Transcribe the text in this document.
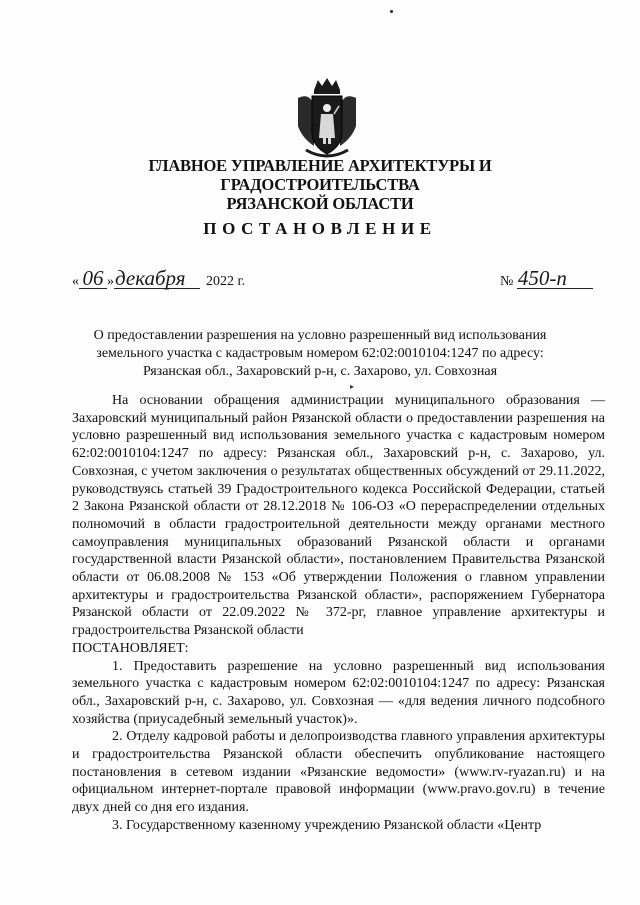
ГЛАВНОЕ УПРАВЛЕНИЕ АРХИТЕКТУРЫ И ГРАДОСТРОИТЕЛЬСТВА
РЯЗАНСКОЙ ОБЛАСТИ
ПОСТАНОВЛЕНИЕ
« 06 »декабря 2022 г.	№ 450-п
О предоставлении разрешения на условно разрешенный вид использования
земельного участка с кадастровым номером 62:02:0010104:1247 по адресу:
Рязанская обл., Захаровский р-н, с. Захарово, ул. Совхозная
▸

На основании обращения администрации муниципального образования — Захаровский муниципальный район Рязанской области о предоставлении разрешения на условно разрешенный вид использования земельного участка с кадастровым номером 62:02:0010104:1247 по адресу: Рязанская обл., Захаровский р-н, с. Захарово, ул. Совхозная, с учетом заключения о результатах общественных обсуждений от 29.11.2022, руководствуясь статьей 39 Градостроительного кодекса Российской Федерации, статьей 2 Закона Рязанской области от 28.12.2018 № 106-ОЗ «О перераспределении отдельных полномочий в области градостроительной деятельности между органами местного самоуправления муниципальных образований Рязанской области и органами государственной власти Рязанской области», постановлением Правительства Рязанской области от 06.08.2008 № 153 «Об утверждении Положения о главном управлении архитектуры и градостроительства Рязанской области», распоряжением Губернатора Рязанской области от 22.09.2022 № 372-рг, главное управление архитектуры и градостроительства Рязанской области

ПОСТАНОВЛЯЕТ:

1. Предоставить разрешение на условно разрешенный вид использования земельного участка с кадастровым номером 62:02:0010104:1247 по адресу: Рязанская обл., Захаровский р-н, с. Захарово, ул. Совхозная — «для ведения личного подсобного хозяйства (приусадебный земельный участок)».

2. Отделу кадровой работы и делопроизводства главного управления архитектуры и градостроительства Рязанской области обеспечить опубликование настоящего постановления в сетевом издании «Рязанские ведомости» (www.rv-ryazan.ru) и на официальном интернет-портале правовой информации (www.pravo.gov.ru) в течение двух дней со дня его издания.

3. Государственному казенному учреждению Рязанской области «Центр
